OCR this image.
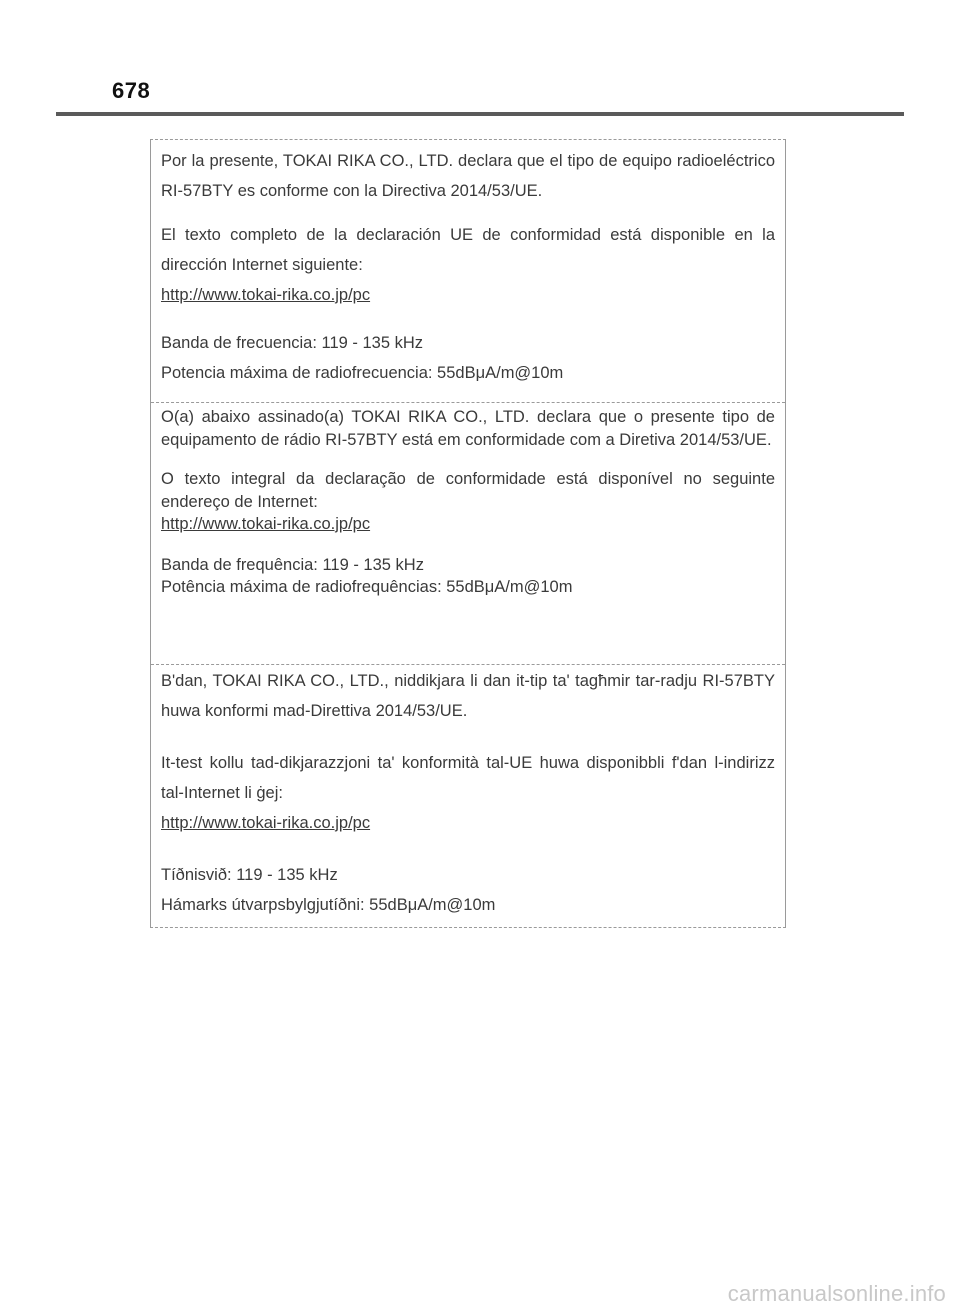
678

Por la presente, TOKAI RIKA CO., LTD. declara que el tipo de equipo radioeléctrico RI-57BTY es conforme con la Directiva 2014/53/UE.

El texto completo de la declaración UE de conformidad está disponible en la dirección Internet siguiente:
http://www.tokai-rika.co.jp/pc

Banda de frecuencia: 119 - 135 kHz
Potencia máxima de radiofrecuencia: 55dBμA/m@10m

O(a) abaixo assinado(a) TOKAI RIKA CO., LTD. declara que o presente tipo de equipamento de rádio RI-57BTY está em conformidade com a Diretiva 2014/53/UE.

O texto integral da declaração de conformidade está disponível no seguinte endereço de Internet:
http://www.tokai-rika.co.jp/pc

Banda de frequência: 119 - 135 kHz
Potência máxima de radiofrequências: 55dBμA/m@10m

B'dan, TOKAI RIKA CO., LTD., niddikjara li dan it-tip ta' tagħmir tar-radju RI-57BTY huwa konformi mad-Direttiva 2014/53/UE.

It-test kollu tad-dikjarazzjoni ta' konformità tal-UE huwa disponibbli f'dan l-indirizz tal-Internet li ġej:
http://www.tokai-rika.co.jp/pc

Tíðnisvið: 119 - 135 kHz
Hámarks útvarpsbylgjutíðni: 55dBμA/m@10m

carmanualsonline.info
